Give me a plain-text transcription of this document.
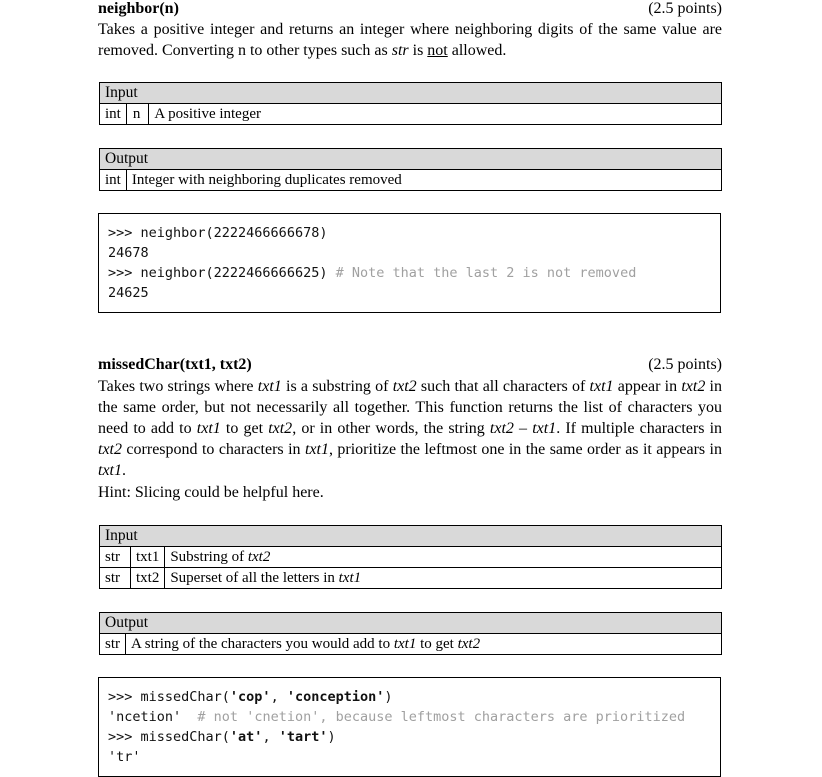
neighbor(n)	(2.5 points)
Takes a positive integer and returns an integer where neighboring digits of the same value are removed. Converting n to other types such as str is not allowed.
Input
int	n	A positive integer
Output
int	Integer with neighboring duplicates removed
>>> neighbor(2222466666678)
24678
>>> neighbor(2222466666625) # Note that the last 2 is not removed
24625
missedChar(txt1, txt2)	(2.5 points)
Takes two strings where txt1 is a substring of txt2 such that all characters of txt1 appear in txt2 in the same order, but not necessarily all together. This function returns the list of characters you need to add to txt1 to get txt2, or in other words, the string txt2 – txt1. If multiple characters in txt2 correspond to characters in txt1, prioritize the leftmost one in the same order as it appears in txt1.
Hint: Slicing could be helpful here.
Input		
str	txt1	Substring of txt2
str	txt2	Superset of all the letters in txt1
Output
str	A string of the characters you would add to txt1 to get txt2
>>> missedChar('cop', 'conception')
'ncetion' # not 'cnetion', because leftmost characters are prioritized
>>> missedChar('at', 'tart')
'tr'
